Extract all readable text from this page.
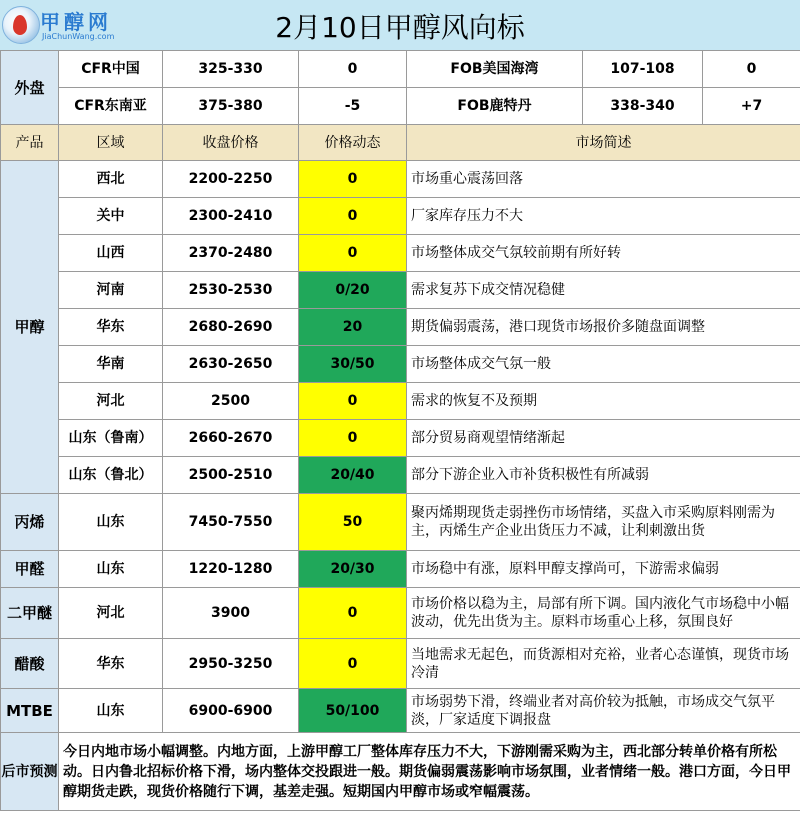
甲醇网
JiaChunWang.com	2月10日甲醇风向标
外盘	CFR中国	325-330	0	FOB美国海湾	107-108	0
	CFR东南亚	375-380	-5	FOB鹿特丹	338-340	+7
产品	区域	收盘价格	价格动态	市场简述		
甲醇	西北	2200-2250	0	市场重心震荡回落		
	关中	2300-2410	0	厂家库存压力不大		
	山西	2370-2480	0	市场整体成交气氛较前期有所好转		
	河南	2530-2530	0/20	需求复苏下成交情况稳健		
	华东	2680-2690	20	期货偏弱震荡，港口现货市场报价多随盘面调整		
	华南	2630-2650	30/50	市场整体成交气氛一般		
	河北	2500	0	需求的恢复不及预期		
	山东（鲁南）	2660-2670	0	部分贸易商观望情绪渐起		
	山东（鲁北）	2500-2510	20/40	部分下游企业入市补货积极性有所减弱		
丙烯	山东	7450-7550	50	聚丙烯期现货走弱挫伤市场情绪，买盘入市采购原料刚需为主，丙烯生产企业出货压力不减，让利刺激出货		
甲醛	山东	1220-1280	20/30	市场稳中有涨，原料甲醇支撑尚可，下游需求偏弱		
二甲醚	河北	3900	0	市场价格以稳为主，局部有所下调。国内液化气市场稳中小幅波动，优先出货为主。原料市场重心上移，氛围良好		
醋酸	华东	2950-3250	0	当地需求无起色，而货源相对充裕，业者心态谨慎，现货市场冷清		
MTBE	山东	6900-6900	50/100	市场弱势下滑，终端业者对高价较为抵触，市场成交气氛平淡，厂家适度下调报盘		
后市预测	今日内地市场小幅调整。内地方面，上游甲醇工厂整体库存压力不大，下游刚需采购为主，西北部分转单价格有所松动。日内鲁北招标价格下滑，场内整体交投跟进一般。期货偏弱震荡影响市场氛围，业者情绪一般。港口方面，今日甲醇期货走跌，现货价格随行下调，基差走强。短期国内甲醇市场或窄幅震荡。					
